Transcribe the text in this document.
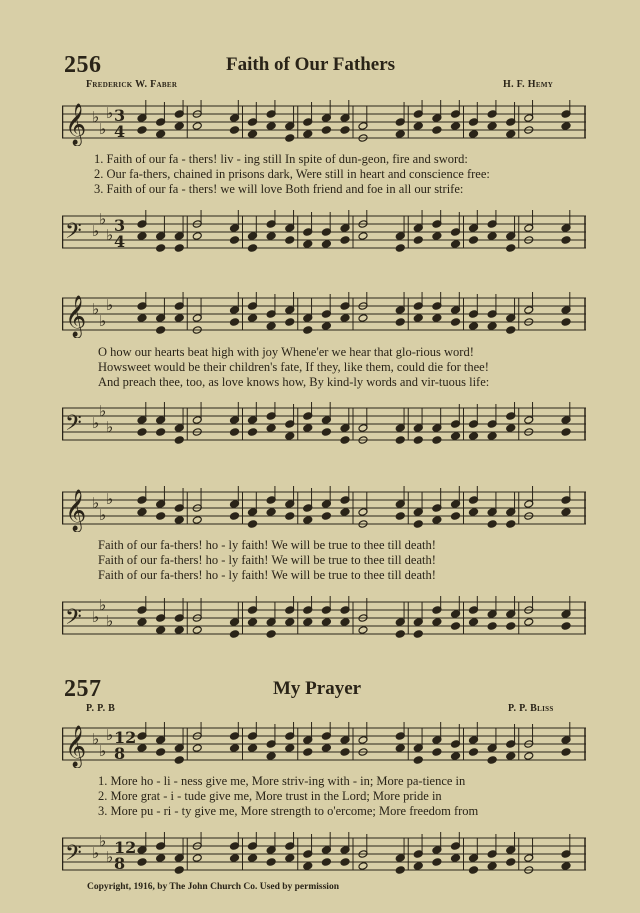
256	Faith of Our Fathers
Frederick W. Faber	H. F. Hemy
𝄞 ♭
♭
♭ 3
4
1. Faith of our fa - thers! liv - ing still In spite of dun-geon, fire and sword:
2. Our fa-thers, chained in prisons dark, Were still in heart and conscience free:
3. Faith of our fa - thers! we will love Both friend and foe in all our strife:
𝄢 ♭
♭
♭ 3
4
𝄞 ♭
♭
♭
O how our hearts beat high with joy Whene'er we hear that glo-rious word!
Howsweet would be their children's fate, If they, like them, could die for thee!
And preach thee, too, as love knows how, By kind-ly words and vir-tuous life:
𝄢 ♭
♭
♭
𝄞 ♭
♭
♭
Faith of our fa-thers! ho - ly faith! We will be true to thee till death!
Faith of our fa-thers! ho - ly faith! We will be true to thee till death!
Faith of our fa-thers! ho - ly faith! We will be true to thee till death!
𝄢 ♭
♭
♭
257	My Prayer
P. P. B	P. P. Bliss
𝄞 ♭
♭
♭ 12
8
1. More ho - li - ness give me, More striv-ing with - in; More pa-tience in
2. More grat - i - tude give me, More trust in the Lord; More pride in
3. More pu - ri - ty give me, More strength to o'ercome; More freedom from
𝄢 ♭
♭
♭ 12
8
Copyright, 1916, by The John Church Co. Used by permission
